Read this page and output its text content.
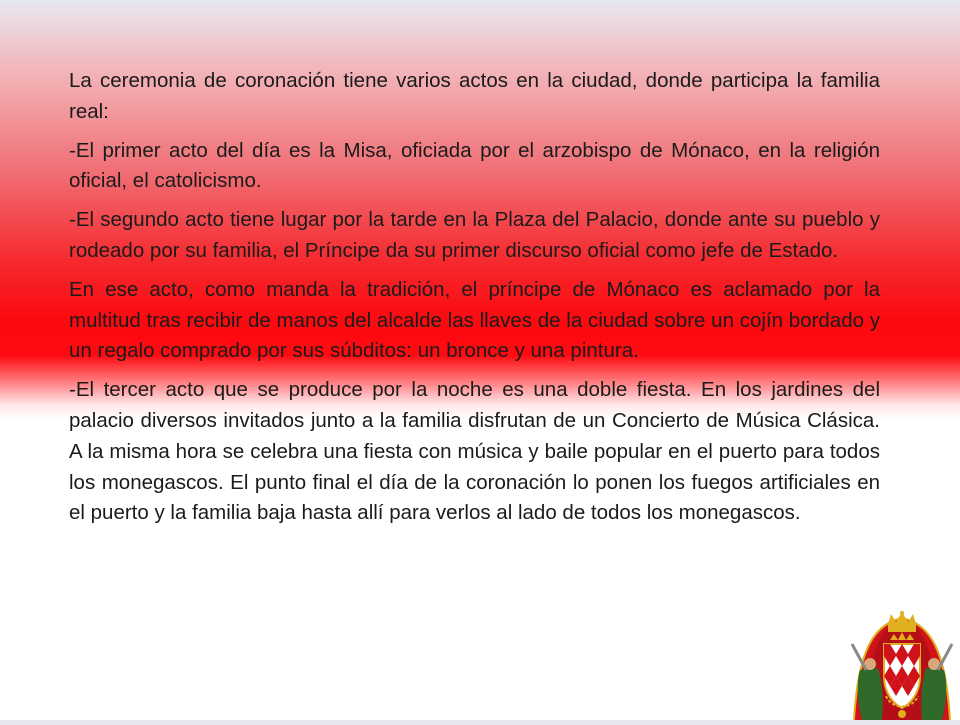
La ceremonia de coronación tiene varios actos en la ciudad, donde participa la familia real:

-El primer acto del día es la Misa, oficiada por el arzobispo de Mónaco, en la religión oficial, el catolicismo.

-El segundo acto tiene lugar por la tarde en la Plaza del Palacio, donde ante su pueblo y rodeado por su familia, el Príncipe da su primer discurso oficial como jefe de Estado.

En ese acto, como manda la tradición, el príncipe de Mónaco es aclamado por la multitud tras recibir de manos del alcalde las llaves de la ciudad sobre un cojín bordado y un regalo comprado por sus súbditos: un bronce y una pintura.

-El tercer acto que se produce por la noche es una doble fiesta. En los jardines del palacio diversos invitados junto a la familia disfrutan de un Concierto de Música Clásica. A la misma hora se celebra una fiesta con música y baile popular en el puerto para todos los monegascos. El punto final el día de la coronación lo ponen los fuegos artificiales en el puerto y la familia baja hasta allí para verlos al lado de todos los monegascos.
